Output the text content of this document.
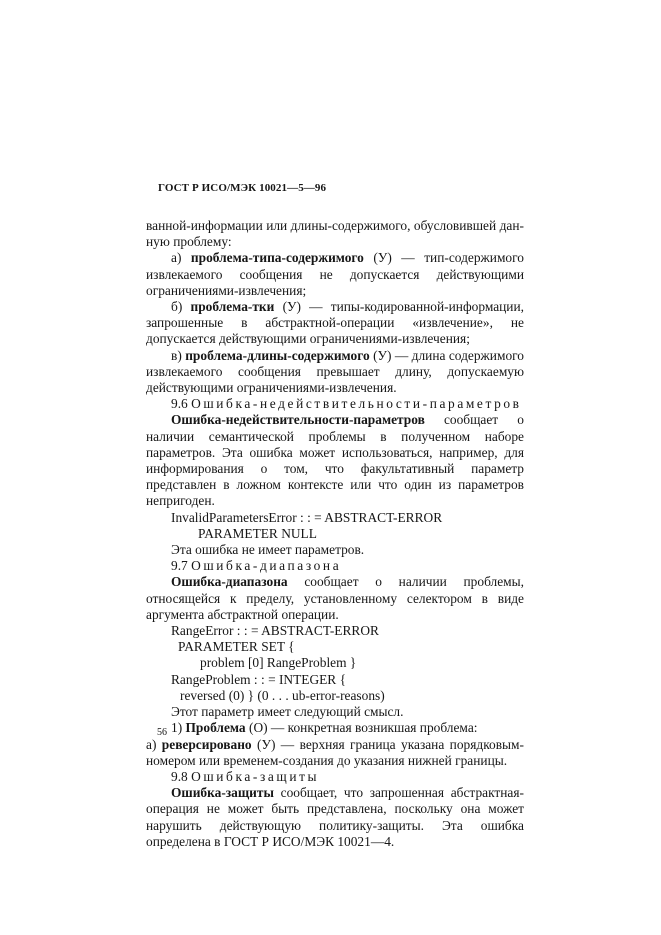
ГОСТ Р ИСО/МЭК 10021—5—96

ванной-информации или длины-содержимого, обусловившей данную проблему:

а) проблема-типа-содержимого (У) — тип-содержимого извлекаемого сообщения не допускается действующими ограничениями-извлечения;

б) проблема-тки (У) — типы-кодированной-информации, запрошенные в абстрактной-операции «извлечение», не допускается действующими ограничениями-извлечения;

в) проблема-длины-содержимого (У) — длина содержимого извлекаемого сообщения превышает длину, допускаемую действующими ограничениями-извлечения.

9.6 Ошибка-недействительности-параметров

Ошибка-недействительности-параметров сообщает о наличии семантической проблемы в полученном наборе параметров. Эта ошибка может использоваться, например, для информирования о том, что факультативный параметр представлен в ложном контексте или что один из параметров непригоден.

InvalidParametersError : : = ABSTRACT-ERROR

PARAMETER NULL

Эта ошибка не имеет параметров.

9.7 Ошибка-диапазона

Ошибка-диапазона сообщает о наличии проблемы, относящейся к пределу, установленному селектором в виде аргумента абстрактной операции.

RangeError : : = ABSTRACT-ERROR

PARAMETER SET {

problem [0] RangeProblem }

RangeProblem : : = INTEGER {

reversed (0) } (0 . . . ub-error-reasons)

Этот параметр имеет следующий смысл.

1) Проблема (О) — конкретная возникшая проблема:

а) реверсировано (У) — верхняя граница указана порядковым-номером или временем-создания до указания нижней границы.

9.8 Ошибка-защиты

Ошибка-защиты сообщает, что запрошенная абстрактная-операция не может быть представлена, поскольку она может нарушить действующую политику-защиты. Эта ошибка определена в ГОСТ Р ИСО/МЭК 10021—4.

56
